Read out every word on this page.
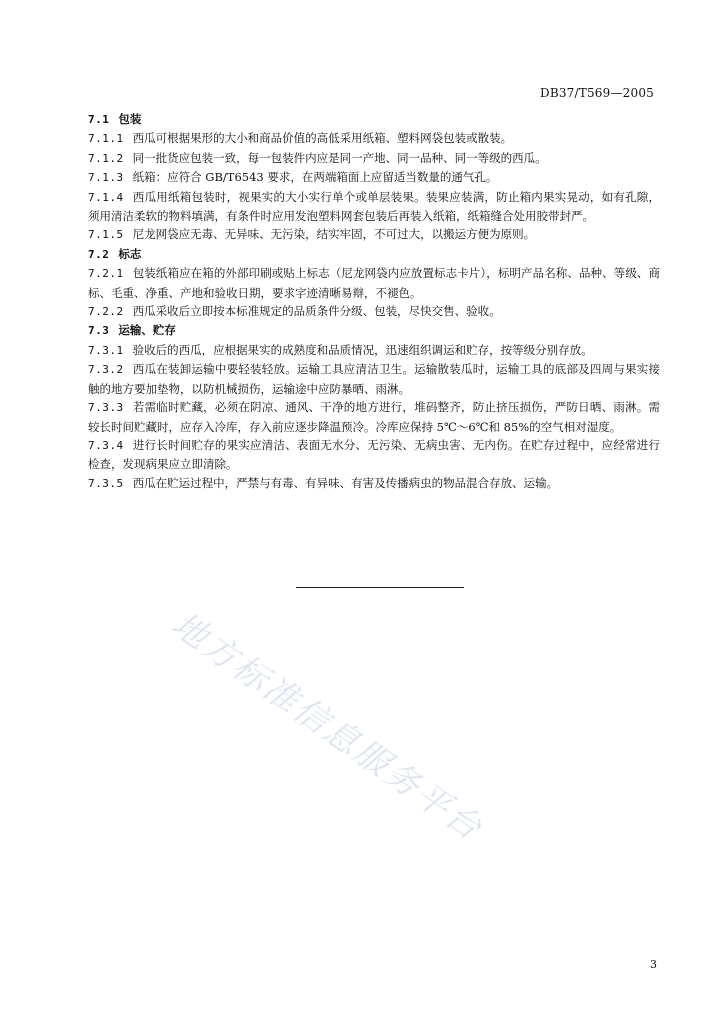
DB37/T569—2005

7.1 包装

7.1.1 西瓜可根据果形的大小和商品价值的高低采用纸箱、塑料网袋包装或散装。

7.1.2 同一批货应包装一致，每一包装件内应是同一产地、同一品种、同一等级的西瓜。

7.1.3 纸箱：应符合 GB/T6543 要求，在两端箱面上应留适当数量的通气孔。

7.1.4 西瓜用纸箱包装时，视果实的大小实行单个或单层装果。装果应装满，防止箱内果实晃动，如有孔隙，须用清洁柔软的物料填满，有条件时应用发泡塑料网套包装后再装入纸箱，纸箱缝合处用胶带封严。

7.1.5 尼龙网袋应无毒、无异味、无污染，结实牢固，不可过大，以搬运方便为原则。

7.2 标志

7.2.1 包装纸箱应在箱的外部印刷或贴上标志（尼龙网袋内应放置标志卡片），标明产品名称、品种、等级、商标、毛重、净重、产地和验收日期，要求字迹清晰易辩，不褪色。

7.2.2 西瓜采收后立即按本标准规定的品质条件分级、包装，尽快交售、验收。

7.3 运输、贮存

7.3.1 验收后的西瓜，应根据果实的成熟度和品质情况，迅速组织调运和贮存，按等级分别存放。

7.3.2 西瓜在装卸运输中要轻装轻放。运输工具应清洁卫生。运输散装瓜时，运输工具的底部及四周与果实接触的地方要加垫物，以防机械损伤，运输途中应防暴晒、雨淋。

7.3.3 若需临时贮藏，必须在阴凉、通风、干净的地方进行，堆码整齐，防止挤压损伤，严防日晒、雨淋。需较长时间贮藏时，应存入冷库，存入前应逐步降温预冷。冷库应保持 5℃～6℃和 85%的空气相对湿度。

7.3.4 进行长时间贮存的果实应清洁、表面无水分、无污染、无病虫害、无内伤。在贮存过程中，应经常进行检查，发现病果应立即清除。

7.3.5 西瓜在贮运过程中，严禁与有毒、有异味、有害及传播病虫的物品混合存放、运输。

地方标准信息服务平台
3
